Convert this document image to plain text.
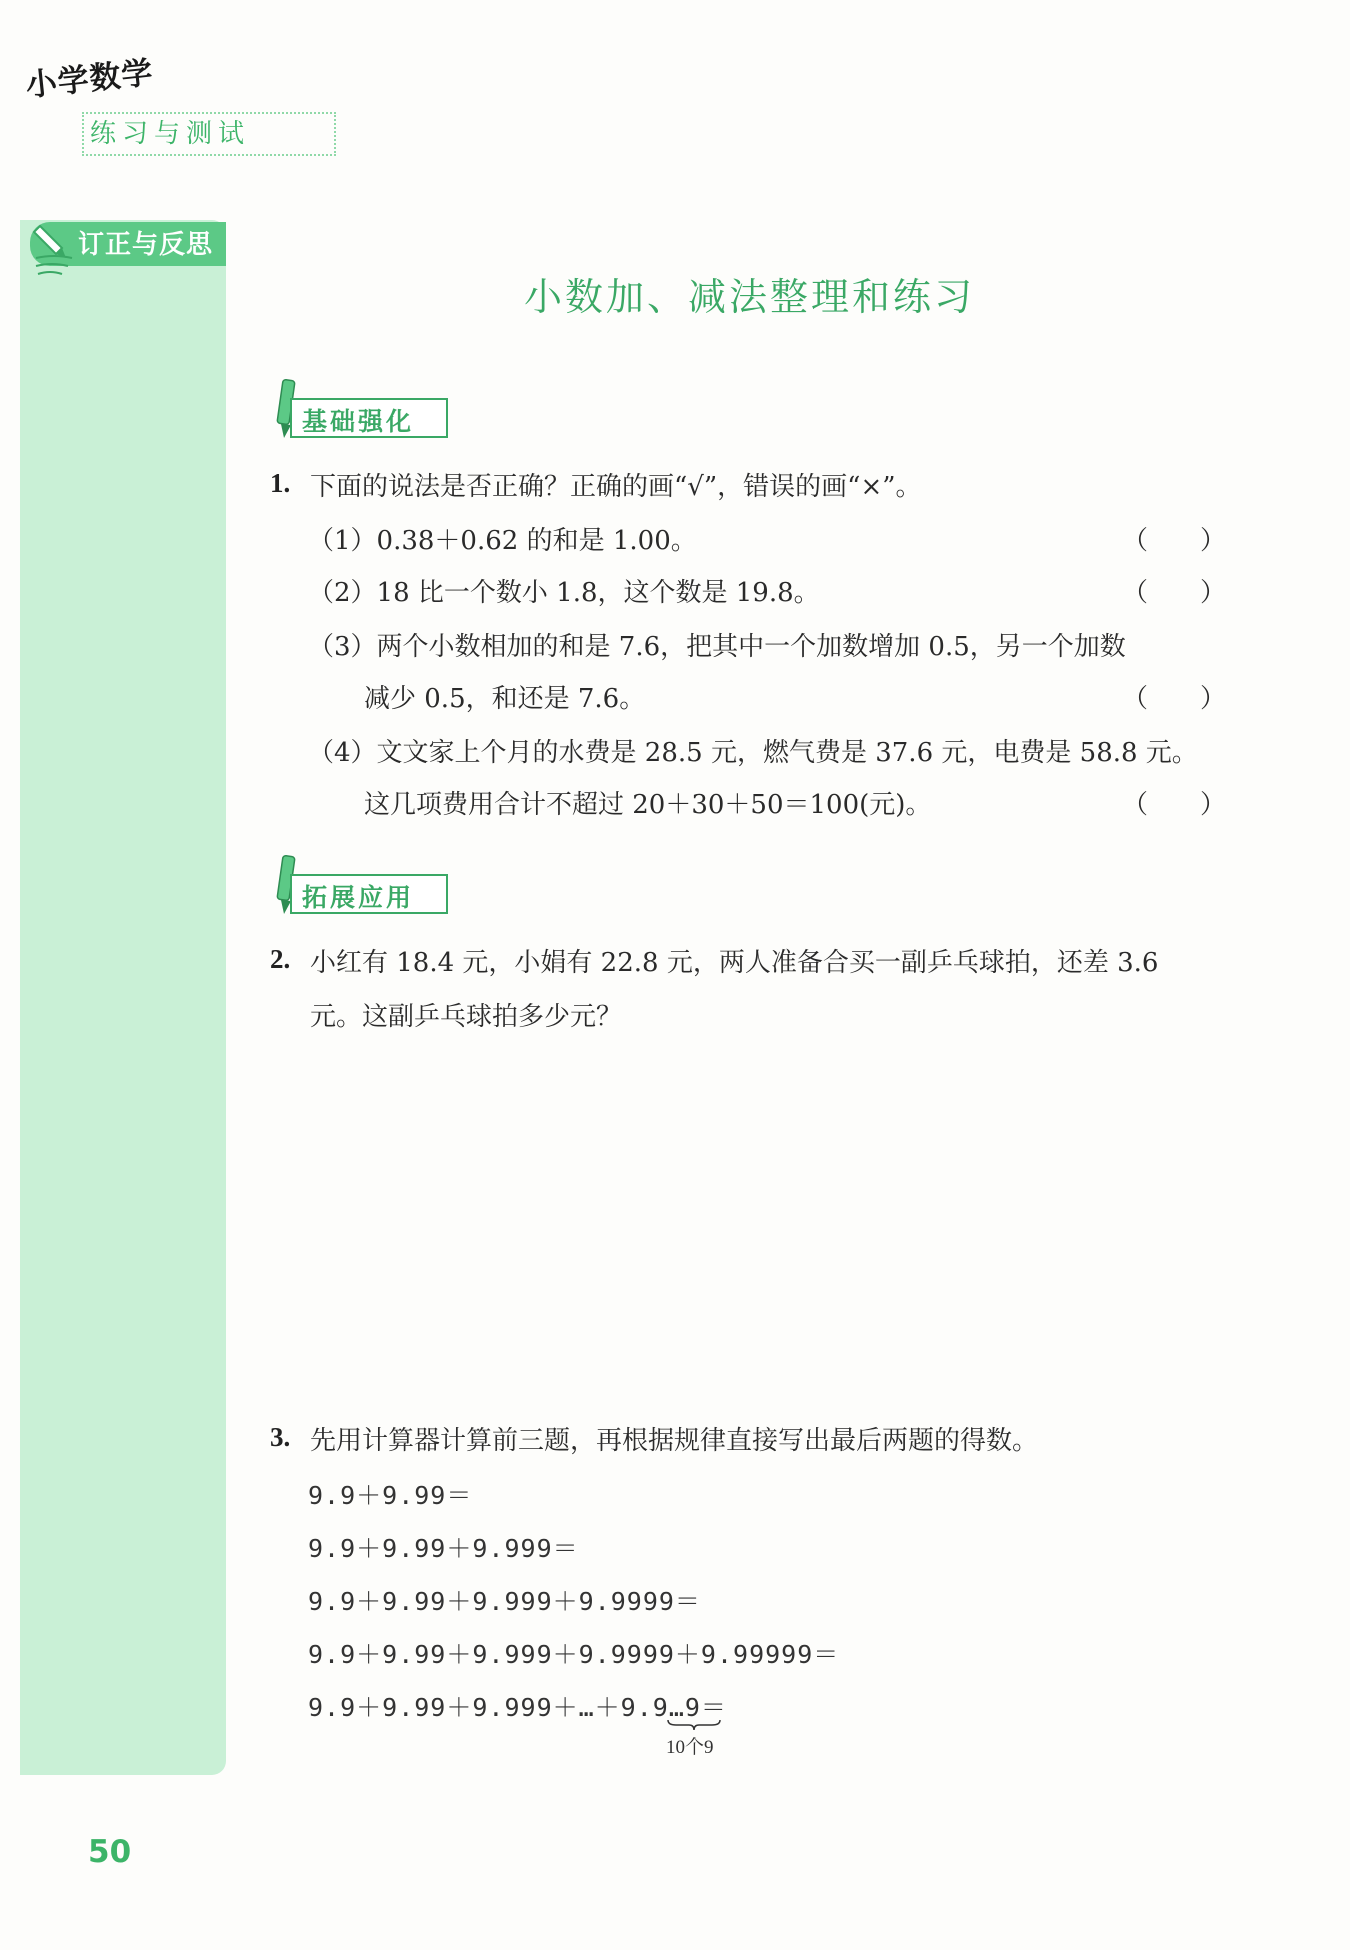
小学数学
练习与测试
订正与反思
小数加、减法整理和练习
基础强化
1. 下面的说法是否正确？正确的画“√”，错误的画“×”。
（1）0.38＋0.62 的和是 1.00。	（　　）
（2）18 比一个数小 1.8，这个数是 19.8。	（　　）
（3）两个小数相加的和是 7.6，把其中一个加数增加 0.5，另一个加数
减少 0.5，和还是 7.6。	（　　）
（4）文文家上个月的水费是 28.5 元，燃气费是 37.6 元，电费是 58.8 元。
这几项费用合计不超过 20＋30＋50＝100(元)。	（　　）
拓展应用
2. 小红有 18.4 元，小娟有 22.8 元，两人准备合买一副乒乓球拍，还差 3.6
元。这副乒乓球拍多少元？
3. 先用计算器计算前三题，再根据规律直接写出最后两题的得数。
9.9＋9.99＝
9.9＋9.99＋9.999＝
9.9＋9.99＋9.999＋9.9999＝
9.9＋9.99＋9.999＋9.9999＋9.99999＝
9.9＋9.99＋9.999＋…＋9.9…9＝
10个9
50
